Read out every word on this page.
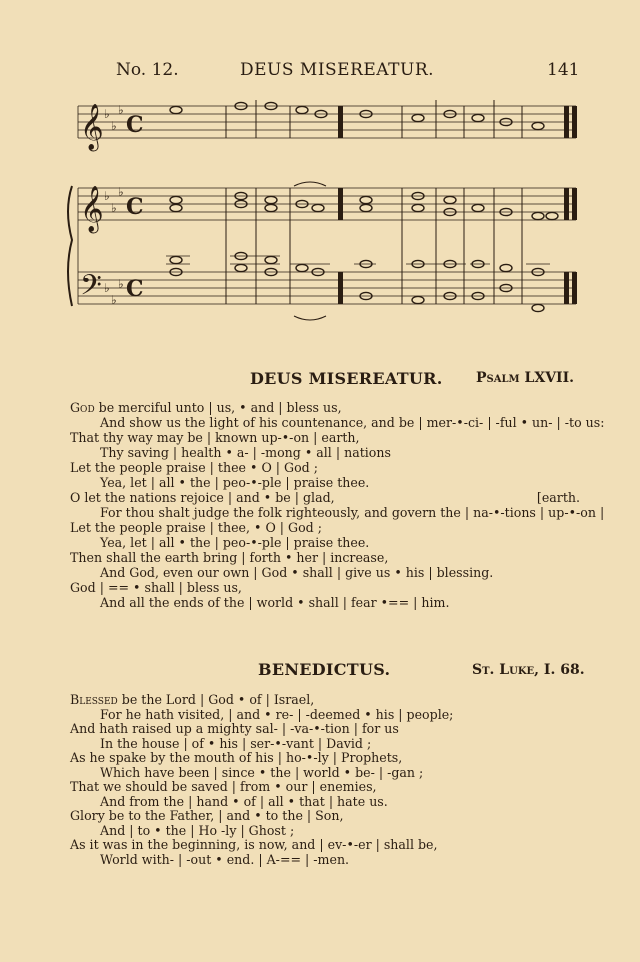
No. 12.	DEUS MISEREATUR.	141
𝄞
𝄞
𝄢
♭
♭
♭
♭
♭
♭
♭
♭
♭
C
C
C
DEUS MISEREATUR. Psalm LXVII.
God be merciful unto | us, • and | bless us,
And show us the light of his countenance, and be | mer-•-ci- | -ful • un- | -to us:
That thy way may be | known up-•-on | earth,
Thy saving | health • a- | -mong • all | nations
Let the people praise | thee • O | God ;
Yea, let | all • the | peo-•-ple | praise thee.
O let the nations rejoice | and • be | glad,	[earth.
For thou shalt judge the folk righteously, and govern the | na-•-tions | up-•-on |
Let the people praise | thee, • O | God ;
Yea, let | all • the | peo-•-ple | praise thee.
Then shall the earth bring | forth • her | increase,
And God, even our own | God • shall | give us • his | blessing.
God | == • shall | bless us,
And all the ends of the | world • shall | fear •== | him.
BENEDICTUS.	St. Luke, I. 68.
Blessed be the Lord | God • of | Israel,
For he hath visited, | and • re- | -deemed • his | people;
And hath raised up a mighty sal- | -va-•-tion | for us
In the house | of • his | ser-•-vant | David ;
As he spake by the mouth of his | ho-•-ly | Prophets,
Which have been | since • the | world • be- | -gan ;
That we should be saved | from • our | enemies,
And from the | hand • of | all • that | hate us.
Glory be to the Father, | and • to the | Son,
And | to • the | Ho -ly | Ghost ;
As it was in the beginning, is now, and | ev-•-er | shall be,
World with- | -out • end. | A-== | -men.
